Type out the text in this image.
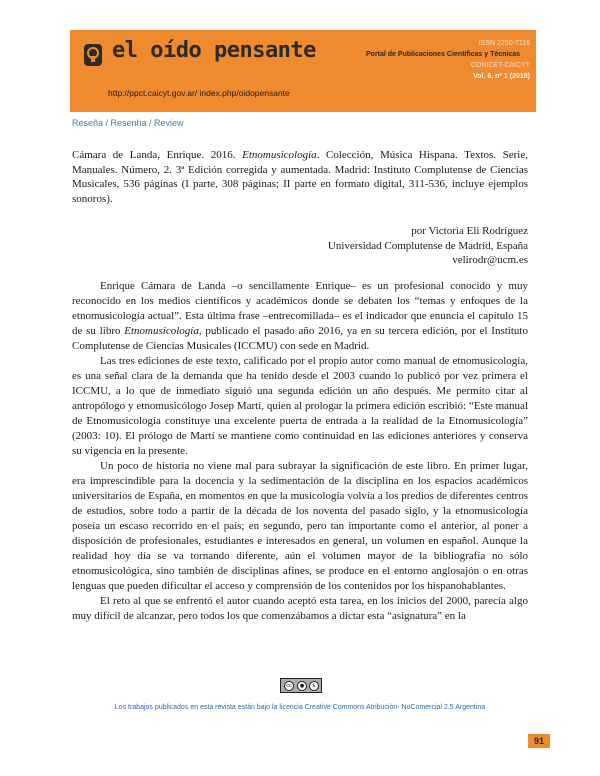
el oído pensante
http://ppct.caicyt.gov.ar/ index.php/oidopensante
ISSN 2250-7116
Portal de Publicaciones Científicas y Técnicas
CONICET-CAICYT
Vol. 6, nº 1 (2018)
Reseña / Resenha / Review
Cámara de Landa, Enrique. 2016. Etnomusicología. Colección, Música Hispana. Textos. Serie, Manuales. Número, 2. 3ª Edición corregida y aumentada. Madrid: Instituto Complutense de Ciencias Musicales, 536 páginas (I parte, 308 páginas; II parte en formato digital, 311-536, incluye ejemplos sonoros).
por Victoria Eli Rodríguez
Universidad Complutense de Madrid, España
velirodr@ucm.es

Enrique Cámara de Landa –o sencillamente Enrique– es un profesional conocido y muy reconocido en los medios científicos y académicos donde se debaten los “temas y enfoques de la etnomusicología actual”. Esta última frase –entrecomillada– es el indicador que enuncia el capítulo 15 de su libro Etnomusicología, publicado el pasado año 2016, ya en su tercera edición, por el Instituto Complutense de Ciencias Musicales (ICCMU) con sede en Madrid.

Las tres ediciones de este texto, calificado por el propio autor como manual de etnomusicología, es una señal clara de la demanda que ha tenido desde el 2003 cuando lo publicó por vez primera el ICCMU, a lo que de inmediato siguió una segunda edición un año después. Me permito citar al antropólogo y etnomusicólogo Josep Martí, quien al prologar la primera edición escribió: “Este manual de Etnomusicología constituye una excelente puerta de entrada a la realidad de la Etnomusicología” (2003: 10). El prólogo de Martí se mantiene como continuidad en las ediciones anteriores y conserva su vigencia en la presente.

Un poco de historia no viene mal para subrayar la significación de este libro. En primer lugar, era imprescindible para la docencia y la sedimentación de la disciplina en los espacios académicos universitarios de España, en momentos en que la musicología volvía a los predios de diferentes centros de estudios, sobre todo a partir de la década de los noventa del pasado siglo, y la etnomusicología poseía un escaso recorrido en el país; en segundo, pero tan importante como el anterior, al poner a disposición de profesionales, estudiantes e interesados en general, un volumen en español. Aunque la realidad hoy día se va tornando diferente, aún el volumen mayor de la bibliografía no sólo etnomusicológica, sino también de disciplinas afines, se produce en el entorno anglosajón o en otras lenguas que pueden dificultar el acceso y comprensión de los contenidos por los hispanohablantes.

El reto al que se enfrentó el autor cuando aceptó esta tarea, en los inicios del 2000, parecía algo muy difícil de alcanzar, pero todos los que comenzábamos a dictar esta “asignatura” en la

cc	●	$
Los trabajos publicados en esta revista están bajo la licencia Creative Commons Atribución- NoComercial 2.5 Argentina
91
